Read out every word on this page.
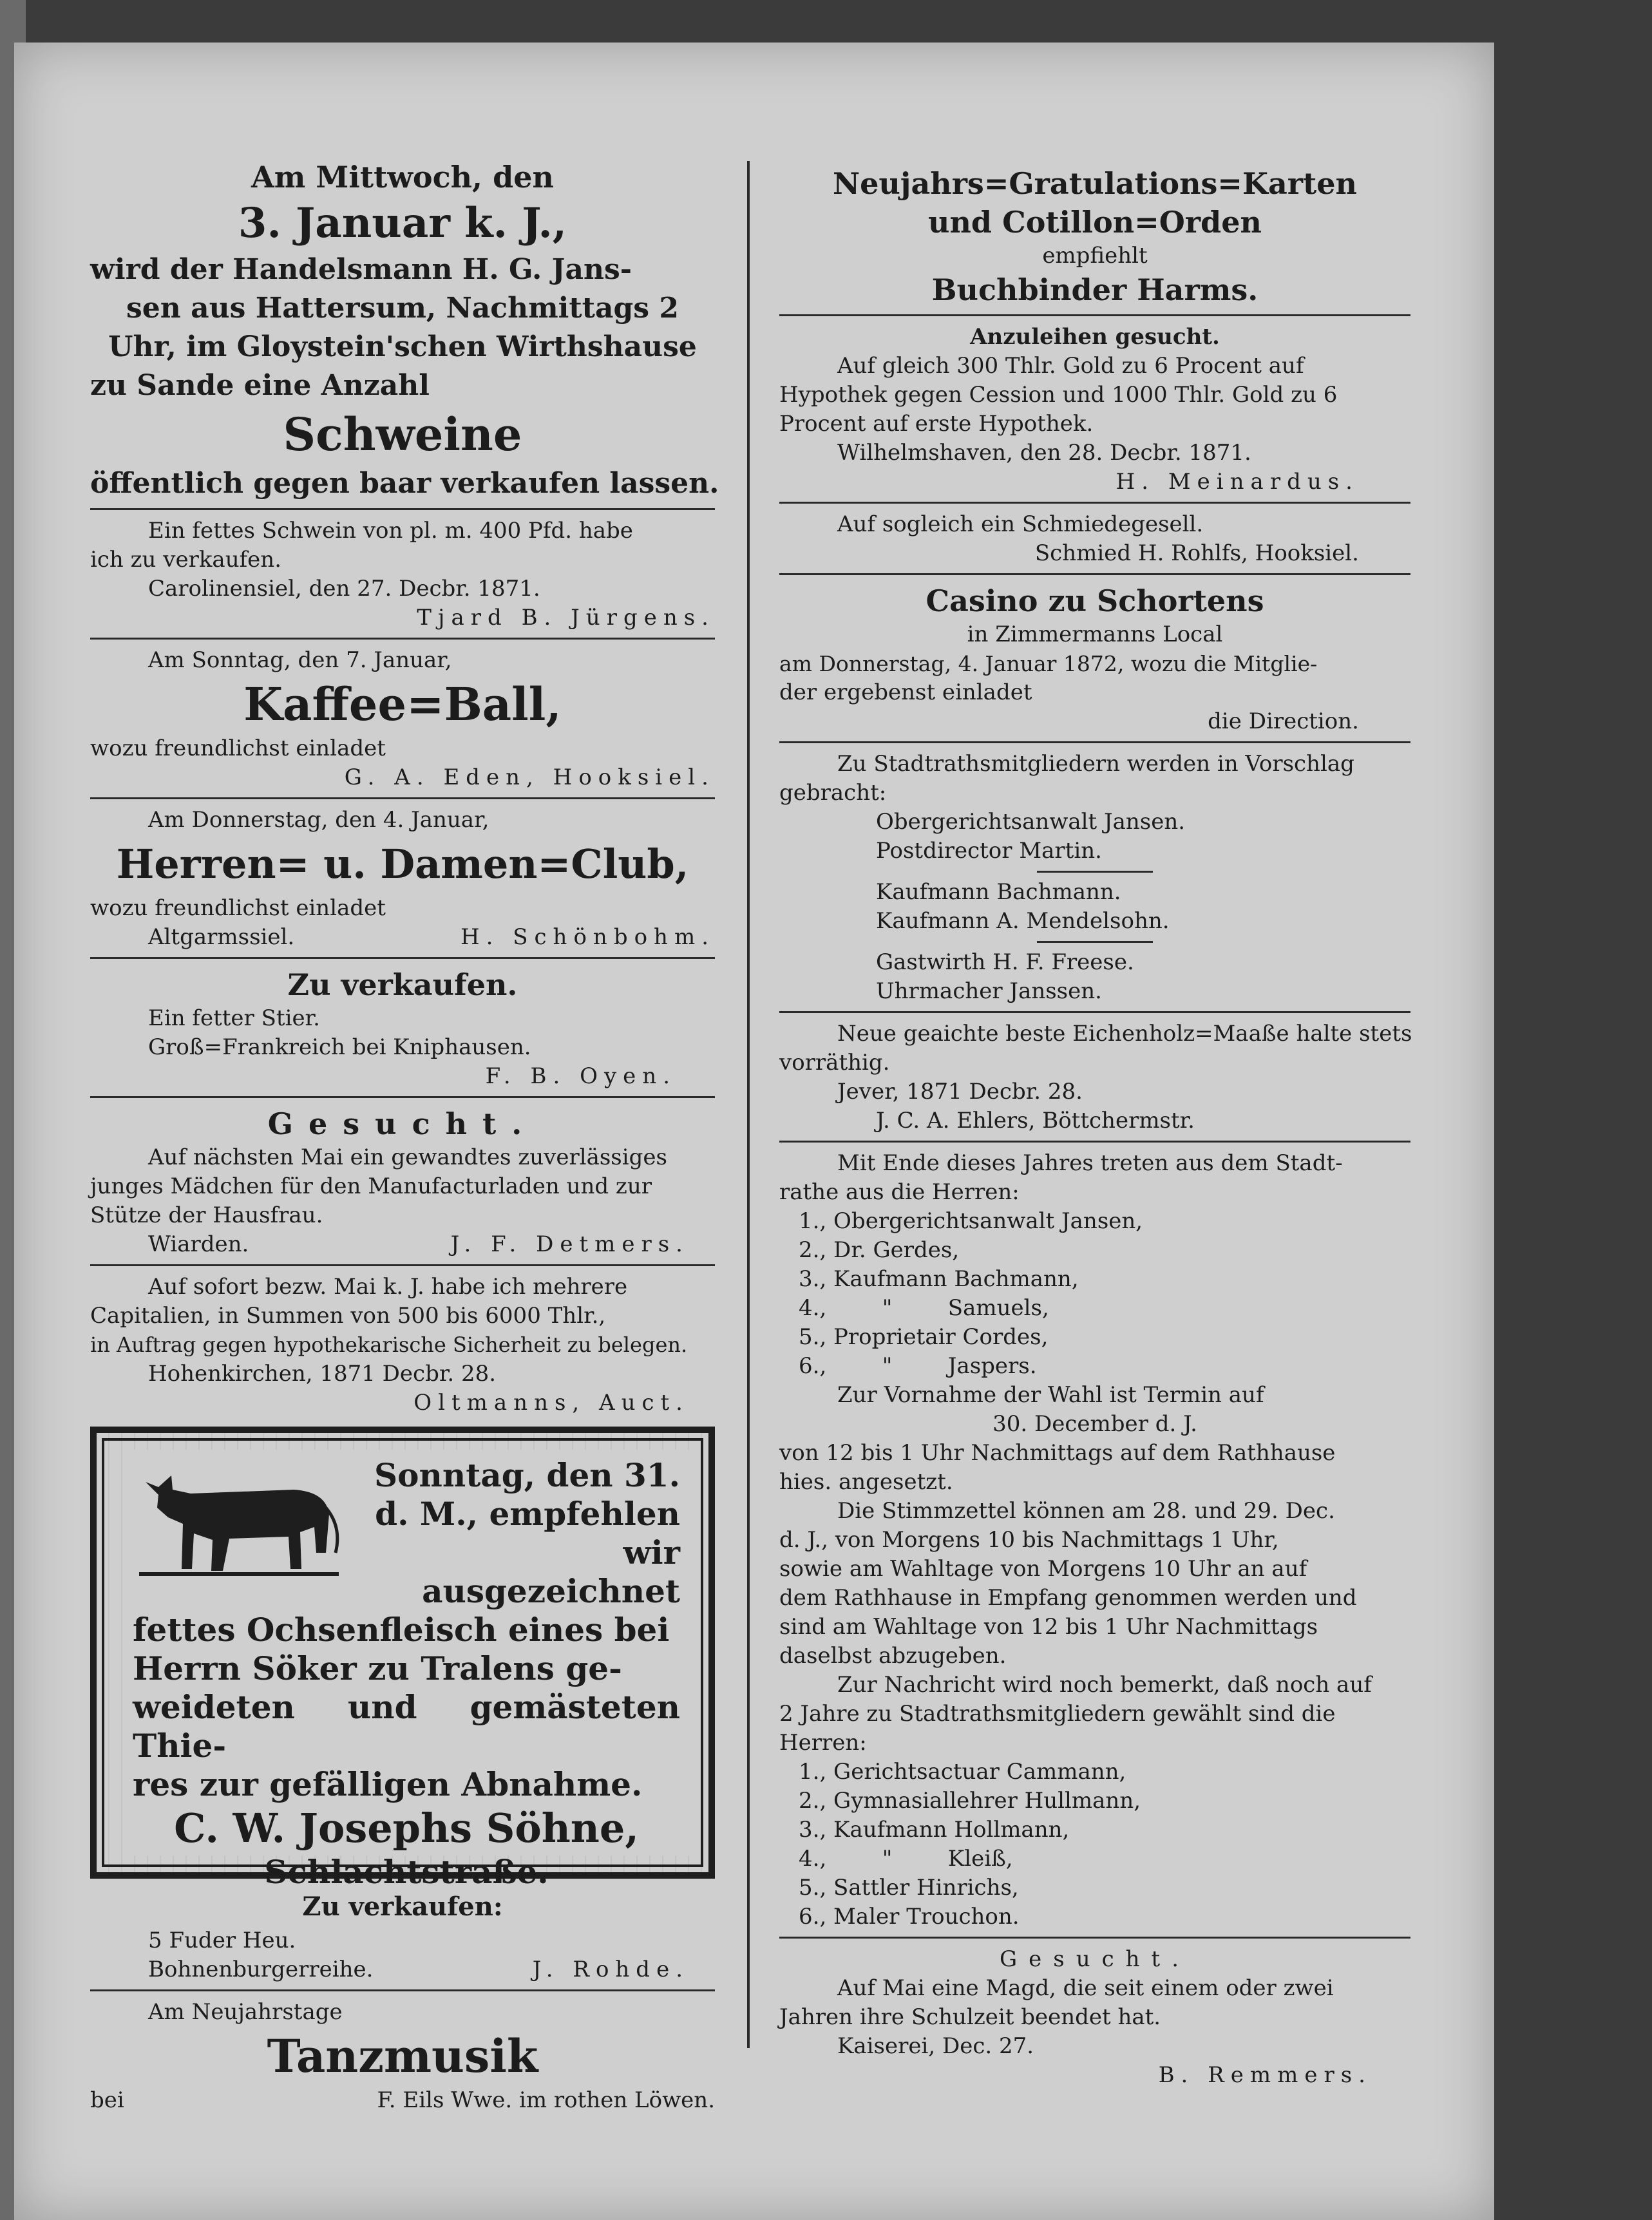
Am Mittwoch, den

3. Januar k. J.,

wird der Handelsmann H. G. Jans-

sen aus Hattersum, Nachmittags 2

Uhr, im Gloystein'schen Wirthshause

zu Sande eine Anzahl

Schweine

öffentlich gegen baar verkaufen lassen.

Ein fettes Schwein von pl. m. 400 Pfd. habe

ich zu verkaufen.

Carolinensiel, den 27. Decbr. 1871.

Tjard B. Jürgens.

Am Sonntag, den 7. Januar,

Kaffee=Ball,

wozu freundlichst einladet

G. A. Eden, Hooksiel.

Am Donnerstag, den 4. Januar,

Herren= u. Damen=Club,

wozu freundlichst einladet

Altgarmssiel.	H. Schönbohm.

Zu verkaufen.

Ein fetter Stier.

Groß=Frankreich bei Kniphausen.

F. B. Oyen.

Gesucht.

Auf nächsten Mai ein gewandtes zuverlässiges

junges Mädchen für den Manufacturladen und zur

Stütze der Hausfrau.

Wiarden.	J. F. Detmers.

Auf sofort bezw. Mai k. J. habe ich mehrere

Capitalien, in Summen von 500 bis 6000 Thlr.,

in Auftrag gegen hypothekarische Sicherheit zu belegen.

Hohenkirchen, 1871 Decbr. 28.

Oltmanns, Auct.

Sonntag, den 31.

d. M., empfehlen

wir ausgezeichnet

fettes Ochsenfleisch eines bei

Herrn Söker zu Tralens ge-

weideten und gemästeten Thie-

res zur gefälligen Abnahme.

C. W. Josephs Söhne,

Schlachtstraße.

Zu verkaufen:

5 Fuder Heu.

Bohnenburgerreihe.	J. Rohde.

Am Neujahrstage

Tanzmusik

bei	F. Eils Wwe. im rothen Löwen.

Neujahrs=Gratulations=Karten

und Cotillon=Orden

empfiehlt

Buchbinder Harms.

Anzuleihen gesucht.

Auf gleich 300 Thlr. Gold zu 6 Procent auf

Hypothek gegen Cession und 1000 Thlr. Gold zu 6

Procent auf erste Hypothek.

Wilhelmshaven, den 28. Decbr. 1871.

H. Meinardus.

Auf sogleich ein Schmiedegesell.

Schmied H. Rohlfs, Hooksiel.

Casino zu Schortens

in Zimmermanns Local

am Donnerstag, 4. Januar 1872, wozu die Mitglie-

der ergebenst einladet

die Direction.

Zu Stadtrathsmitgliedern werden in Vorschlag

gebracht:

Obergerichtsanwalt Jansen.

Postdirector Martin.

Kaufmann Bachmann.

Kaufmann A. Mendelsohn.

Gastwirth H. F. Freese.

Uhrmacher Janssen.

Neue geaichte beste Eichenholz=Maaße halte stets

vorräthig.

Jever, 1871 Decbr. 28.

J. C. A. Ehlers, Böttchermstr.

Mit Ende dieses Jahres treten aus dem Stadt-

rathe aus die Herren:

1., Obergerichtsanwalt Jansen,

2., Dr. Gerdes,

3., Kaufmann Bachmann,

4.,        "        Samuels,

5., Proprietair Cordes,

6.,        "        Jaspers.

Zur Vornahme der Wahl ist Termin auf

30. December d. J.

von 12 bis 1 Uhr Nachmittags auf dem Rathhause

hies. angesetzt.

Die Stimmzettel können am 28. und 29. Dec.

d. J., von Morgens 10 bis Nachmittags 1 Uhr,

sowie am Wahltage von Morgens 10 Uhr an auf

dem Rathhause in Empfang genommen werden und

sind am Wahltage von 12 bis 1 Uhr Nachmittags

daselbst abzugeben.

Zur Nachricht wird noch bemerkt, daß noch auf

2 Jahre zu Stadtrathsmitgliedern gewählt sind die

Herren:

1., Gerichtsactuar Cammann,

2., Gymnasiallehrer Hullmann,

3., Kaufmann Hollmann,

4.,        "        Kleiß,

5., Sattler Hinrichs,

6., Maler Trouchon.

Gesucht.

Auf Mai eine Magd, die seit einem oder zwei

Jahren ihre Schulzeit beendet hat.

Kaiserei, Dec. 27.

B. Remmers.
